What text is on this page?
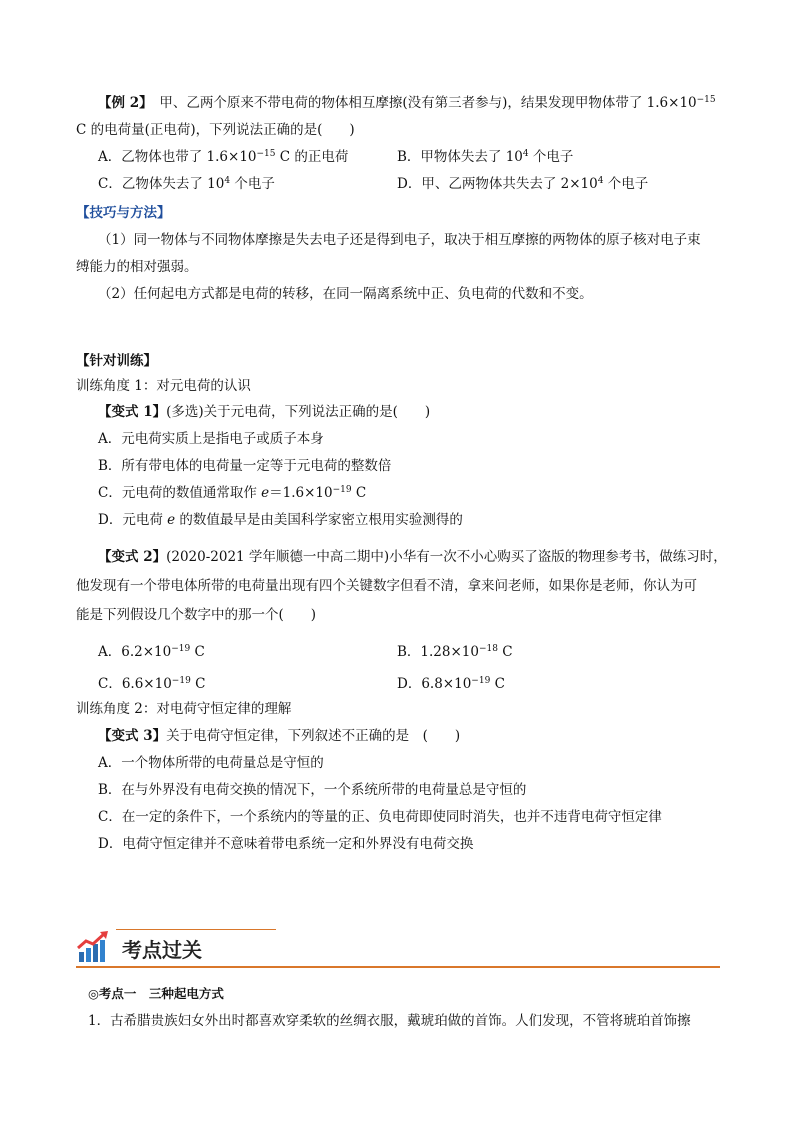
【例 2】　 甲、乙两个原来不带电荷的物体相互摩擦(没有第三者参与)，结果发现甲物体带了 $1.6\times 10^{-15}$
C 的电荷量(正电荷)，下列说法正确的是(　　)
A．乙物体也带了 $1.6\times 10^{-15}$ C 的正电荷	B．甲物体失去了 $10^4$ 个电子
C．乙物体失去了 $10^4$ 个电子	D．甲、乙两物体共失去了 $2\times 10^4$ 个电子
【技巧与方法】
（1）同一物体与不同物体摩擦是失去电子还是得到电子，取决于相互摩擦的两物体的原子核对电子束
缚能力的相对强弱。
（2）任何起电方式都是电荷的转移，在同一隔离系统中正、负电荷的代数和不变。
【针对训练】
训练角度 1：对元电荷的认识
【变式 1】(多选)关于元电荷，下列说法正确的是(　　)
A．元电荷实质上是指电子或质子本身
B．所有带电体的电荷量一定等于元电荷的整数倍
C．元电荷的数值通常取作 $e=1.6\times 10^{-19}$ C
D．元电荷 e 的数值最早是由美国科学家密立根用实验测得的
【变式 2】(2020-2021 学年顺德一中高二期中)小华有一次不小心购买了盗版的物理参考书，做练习时，
他发现有一个带电体所带的电荷量出现有四个关键数字但看不清，拿来问老师，如果你是老师，你认为可
能是下列假设几个数字中的那一个(　　)
A．$6.2\times 10^{-19}$ C	B．$1.28\times 10^{-18}$ C
C．$6.6\times 10^{-19}$ C	D．$6.8\times 10^{-19}$ C
训练角度 2：对电荷守恒定律的理解
【变式 3】关于电荷守恒定律，下列叙述不正确的是　(　　)
A．一个物体所带的电荷量总是守恒的
B．在与外界没有电荷交换的情况下，一个系统所带的电荷量总是守恒的
C．在一定的条件下，一个系统内的等量的正、负电荷即使同时消失，也并不违背电荷守恒定律
D．电荷守恒定律并不意味着带电系统一定和外界没有电荷交换
考点过关
◎考点一　三种起电方式
1．古希腊贵族妇女外出时都喜欢穿柔软的丝绸衣服，戴琥珀做的首饰。人们发现，不管将琥珀首饰擦
